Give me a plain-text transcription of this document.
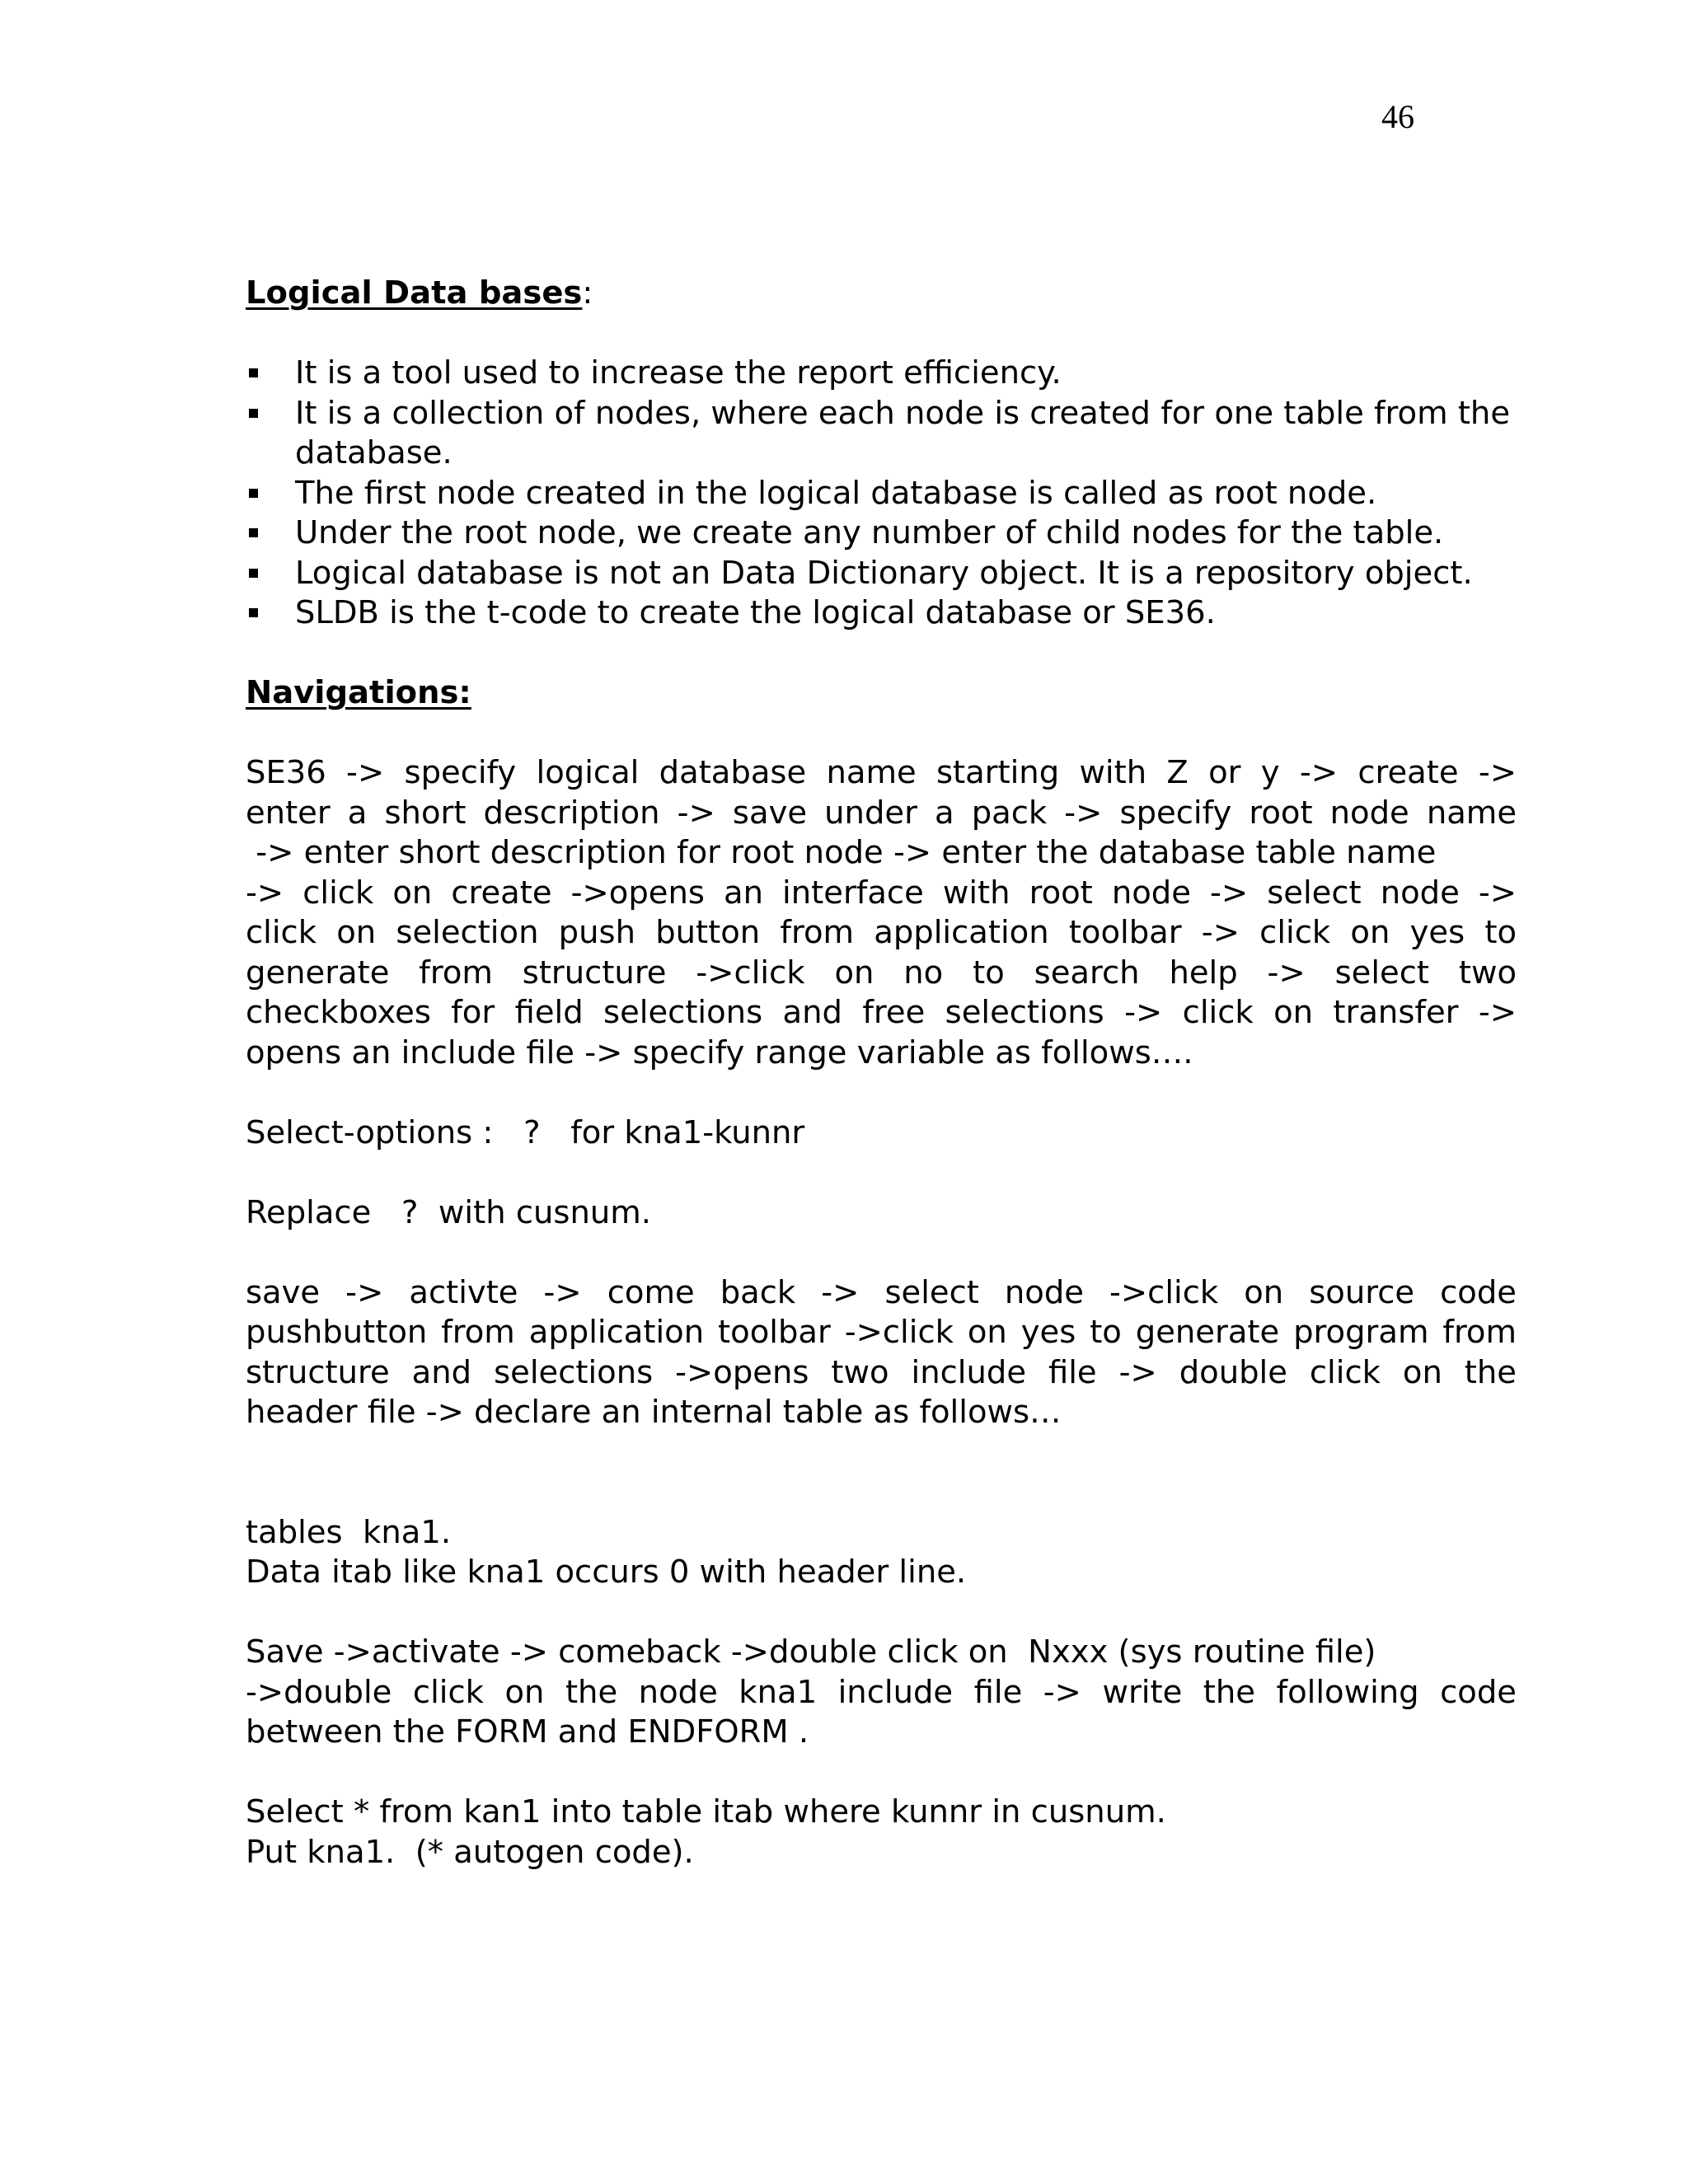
46

Logical Data bases:

It is a tool used to increase the report efficiency.
It is a collection of nodes, where each node is created for one table from the database.
The first node created in the logical database is called as root node.
Under the root node, we create any number of child nodes for the table.
Logical database is not an Data Dictionary object. It is a repository object.
SLDB is the t-code to create the logical database or SE36.

Navigations:

SE36 -> specify logical database name starting with Z or y -> create ->
enter a short description -> save under a pack -> specify root node name
-> enter short description for root node -> enter the database table name
-> click on create ->opens an interface with root node -> select node ->
click on selection push button from application toolbar -> click on yes to
generate from structure ->click on no to search help -> select two
checkboxes for field selections and free selections -> click on transfer ->
opens an include file -> specify range variable as follows….

Select-options :   ?   for kna1-kunnr

Replace   ?  with cusnum.

save -> activte -> come back -> select node ->click on source code
pushbutton from application toolbar ->click on yes to generate program from
structure and selections ->opens two include file -> double click on the
header file -> declare an internal table as follows…
tables  kna1.
Data itab like kna1 occurs 0 with header line.
Save ->activate -> comeback ->double click on  Nxxx (sys routine file)
->double click on the node kna1 include file -> write the following code
between the FORM and ENDFORM .
Select * from kan1 into table itab where kunnr in cusnum.
Put kna1.  (* autogen code).
